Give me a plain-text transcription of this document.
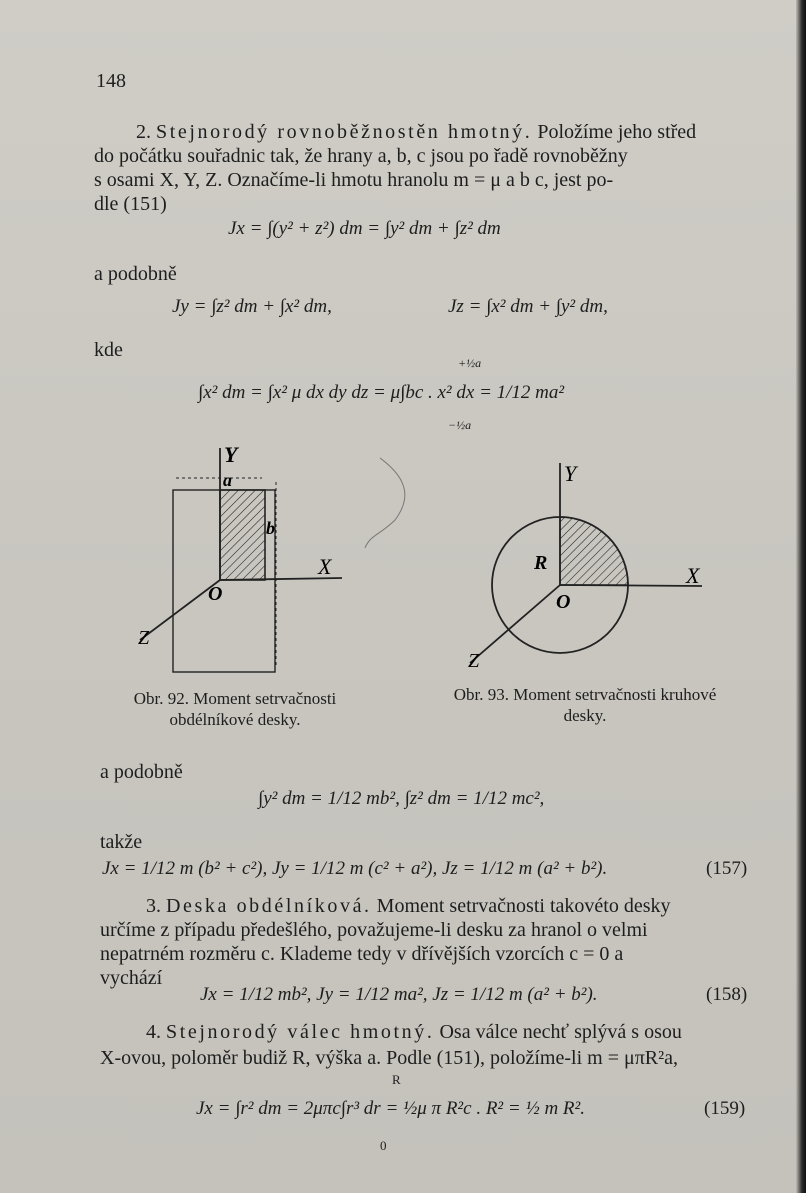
148
2. Stejnorodý rovnoběžnostěn hmotný. Položíme jeho střed
do počátku souřadnic tak, že hrany a, b, c jsou po řadě rovnoběžny
s osami X, Y, Z. Označíme-li hmotu hranolu m = μ a b c, jest po-
dle (151)
Jx = ∫(y² + z²) dm = ∫y² dm + ∫z² dm
a podobně
Jy = ∫z² dm + ∫x² dm,	Jz = ∫x² dm + ∫y² dm,
kde
+½a
∫x² dm = ∫x² μ dx dy dz = μ∫bc . x² dx = 1/12 ma²
−½a
Y
a
b
X
O
Z
Y
R	X
O
Z
Obr. 92. Moment setrvačnosti
obdélníkové desky.
Obr. 93. Moment setrvačnosti kruhové
desky.
a podobně
∫y² dm = 1/12 mb², ∫z² dm = 1/12 mc²,
takže
Jx = 1/12 m (b² + c²), Jy = 1/12 m (c² + a²), Jz = 1/12 m (a² + b²).	(157)
3. Deska obdélníková. Moment setrvačnosti takovéto desky
určíme z případu předešlého, považujeme-li desku za hranol o velmi
nepatrném rozměru c. Klademe tedy v dřívějších vzorcích c = 0 a
vychází
Jx = 1/12 mb², Jy = 1/12 ma², Jz = 1/12 m (a² + b²).	(158)
4. Stejnorodý válec hmotný. Osa válce nechť splývá s osou
X-ovou, poloměr budiž R, výška a. Podle (151), položíme-li m = μπR²a,
R
Jx = ∫r² dm = 2μπc∫r³ dr = ½μ π R²c . R² = ½ m R².	(159)
0
